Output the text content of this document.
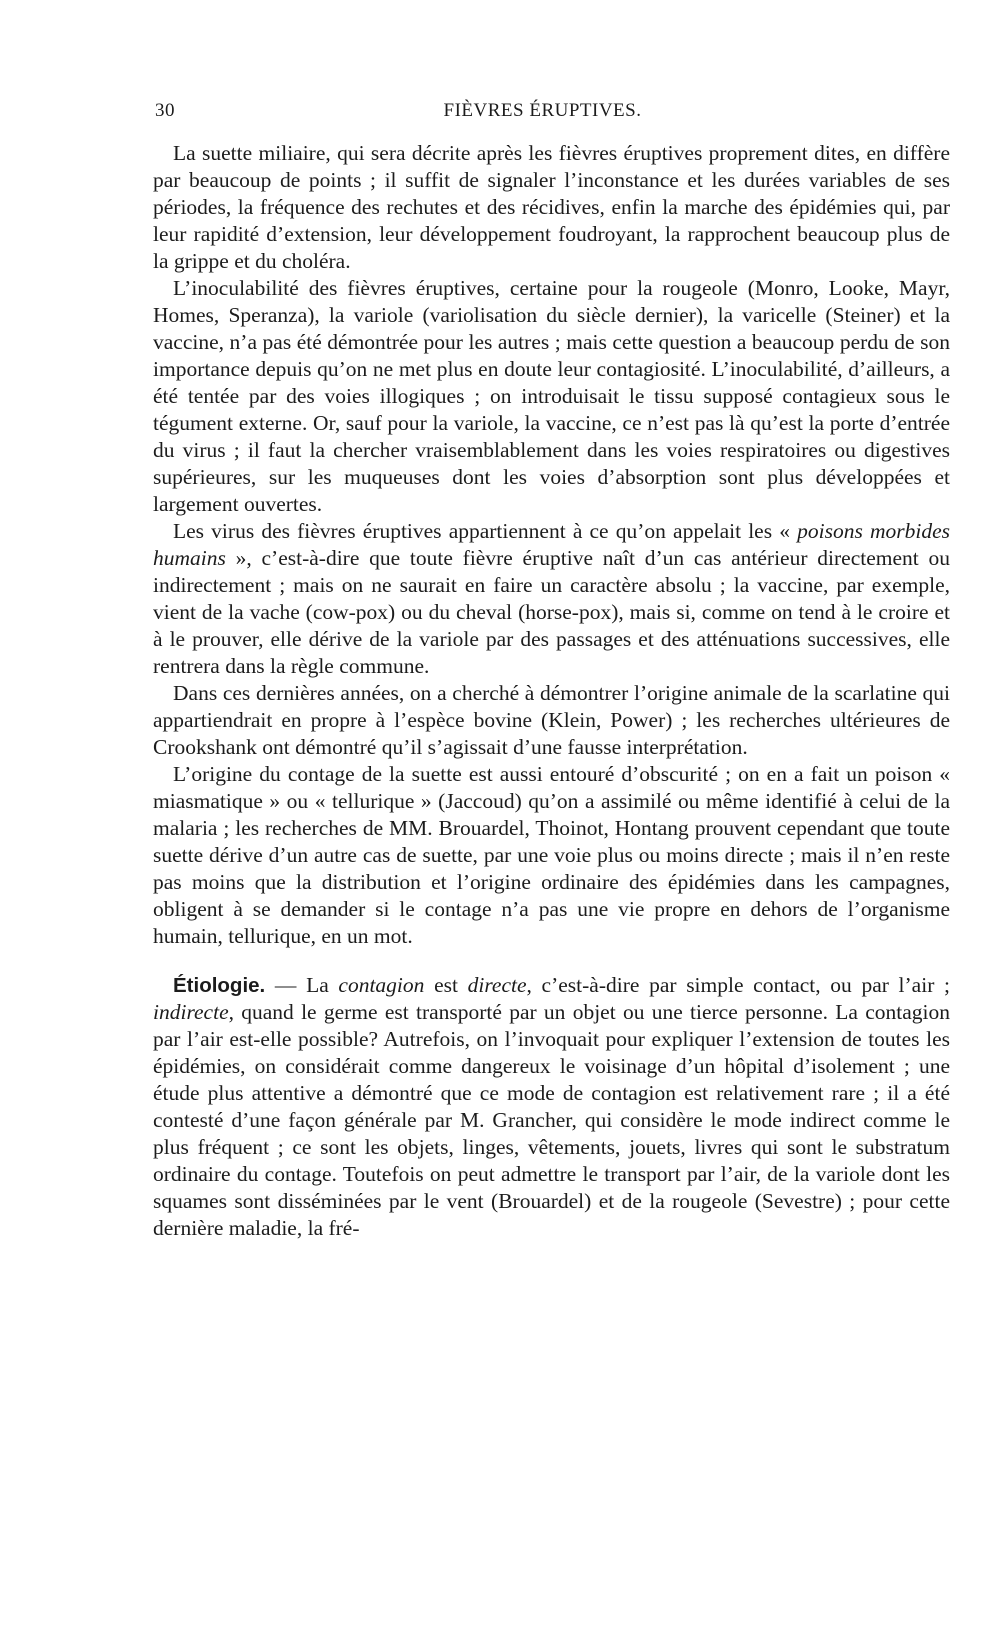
30	FIÈVRES ÉRUPTIVES.

La suette miliaire, qui sera décrite après les fièvres éruptives proprement dites, en diffère par beaucoup de points ; il suffit de signaler l’inconstance et les durées variables de ses périodes, la fréquence des rechutes et des récidives, enfin la marche des épidémies qui, par leur rapidité d’extension, leur développement foudroyant, la rapprochent beaucoup plus de la grippe et du choléra.

L’inoculabilité des fièvres éruptives, certaine pour la rougeole (Monro, Looke, Mayr, Homes, Speranza), la variole (variolisation du siècle dernier), la varicelle (Steiner) et la vaccine, n’a pas été démontrée pour les autres ; mais cette question a beaucoup perdu de son importance depuis qu’on ne met plus en doute leur contagiosité. L’inoculabilité, d’ailleurs, a été tentée par des voies illogiques ; on introduisait le tissu supposé contagieux sous le tégument externe. Or, sauf pour la variole, la vaccine, ce n’est pas là qu’est la porte d’entrée du virus ; il faut la chercher vraisemblablement dans les voies respiratoires ou digestives supérieures, sur les muqueuses dont les voies d’absorption sont plus développées et largement ouvertes.

Les virus des fièvres éruptives appartiennent à ce qu’on appelait les « poisons morbides humains », c’est-à-dire que toute fièvre éruptive naît d’un cas antérieur directement ou indirectement ; mais on ne saurait en faire un caractère absolu ; la vaccine, par exemple, vient de la vache (cow-pox) ou du cheval (horse-pox), mais si, comme on tend à le croire et à le prouver, elle dérive de la variole par des passages et des atténuations successives, elle rentrera dans la règle commune.

Dans ces dernières années, on a cherché à démontrer l’origine animale de la scarlatine qui appartiendrait en propre à l’espèce bovine (Klein, Power) ; les recherches ultérieures de Crookshank ont démontré qu’il s’agissait d’une fausse interprétation.

L’origine du contage de la suette est aussi entouré d’obscurité ; on en a fait un poison « miasmatique » ou « tellurique » (Jaccoud) qu’on a assimilé ou même identifié à celui de la malaria ; les recherches de MM. Brouardel, Thoinot, Hontang prouvent cependant que toute suette dérive d’un autre cas de suette, par une voie plus ou moins directe ; mais il n’en reste pas moins que la distribution et l’origine ordinaire des épidémies dans les campagnes, obligent à se demander si le contage n’a pas une vie propre en dehors de l’organisme humain, tellurique, en un mot.

Étiologie. — La contagion est directe, c’est-à-dire par simple contact, ou par l’air ; indirecte, quand le germe est transporté par un objet ou une tierce personne. La contagion par l’air est-elle possible? Autrefois, on l’invoquait pour expliquer l’extension de toutes les épidémies, on considérait comme dangereux le voisinage d’un hôpital d’isolement ; une étude plus attentive a démontré que ce mode de contagion est relativement rare ; il a été contesté d’une façon générale par M. Grancher, qui considère le mode indirect comme le plus fréquent ; ce sont les objets, linges, vêtements, jouets, livres qui sont le substratum ordinaire du contage. Toutefois on peut admettre le transport par l’air, de la variole dont les squames sont disséminées par le vent (Brouardel) et de la rougeole (Sevestre) ; pour cette dernière maladie, la fré-
